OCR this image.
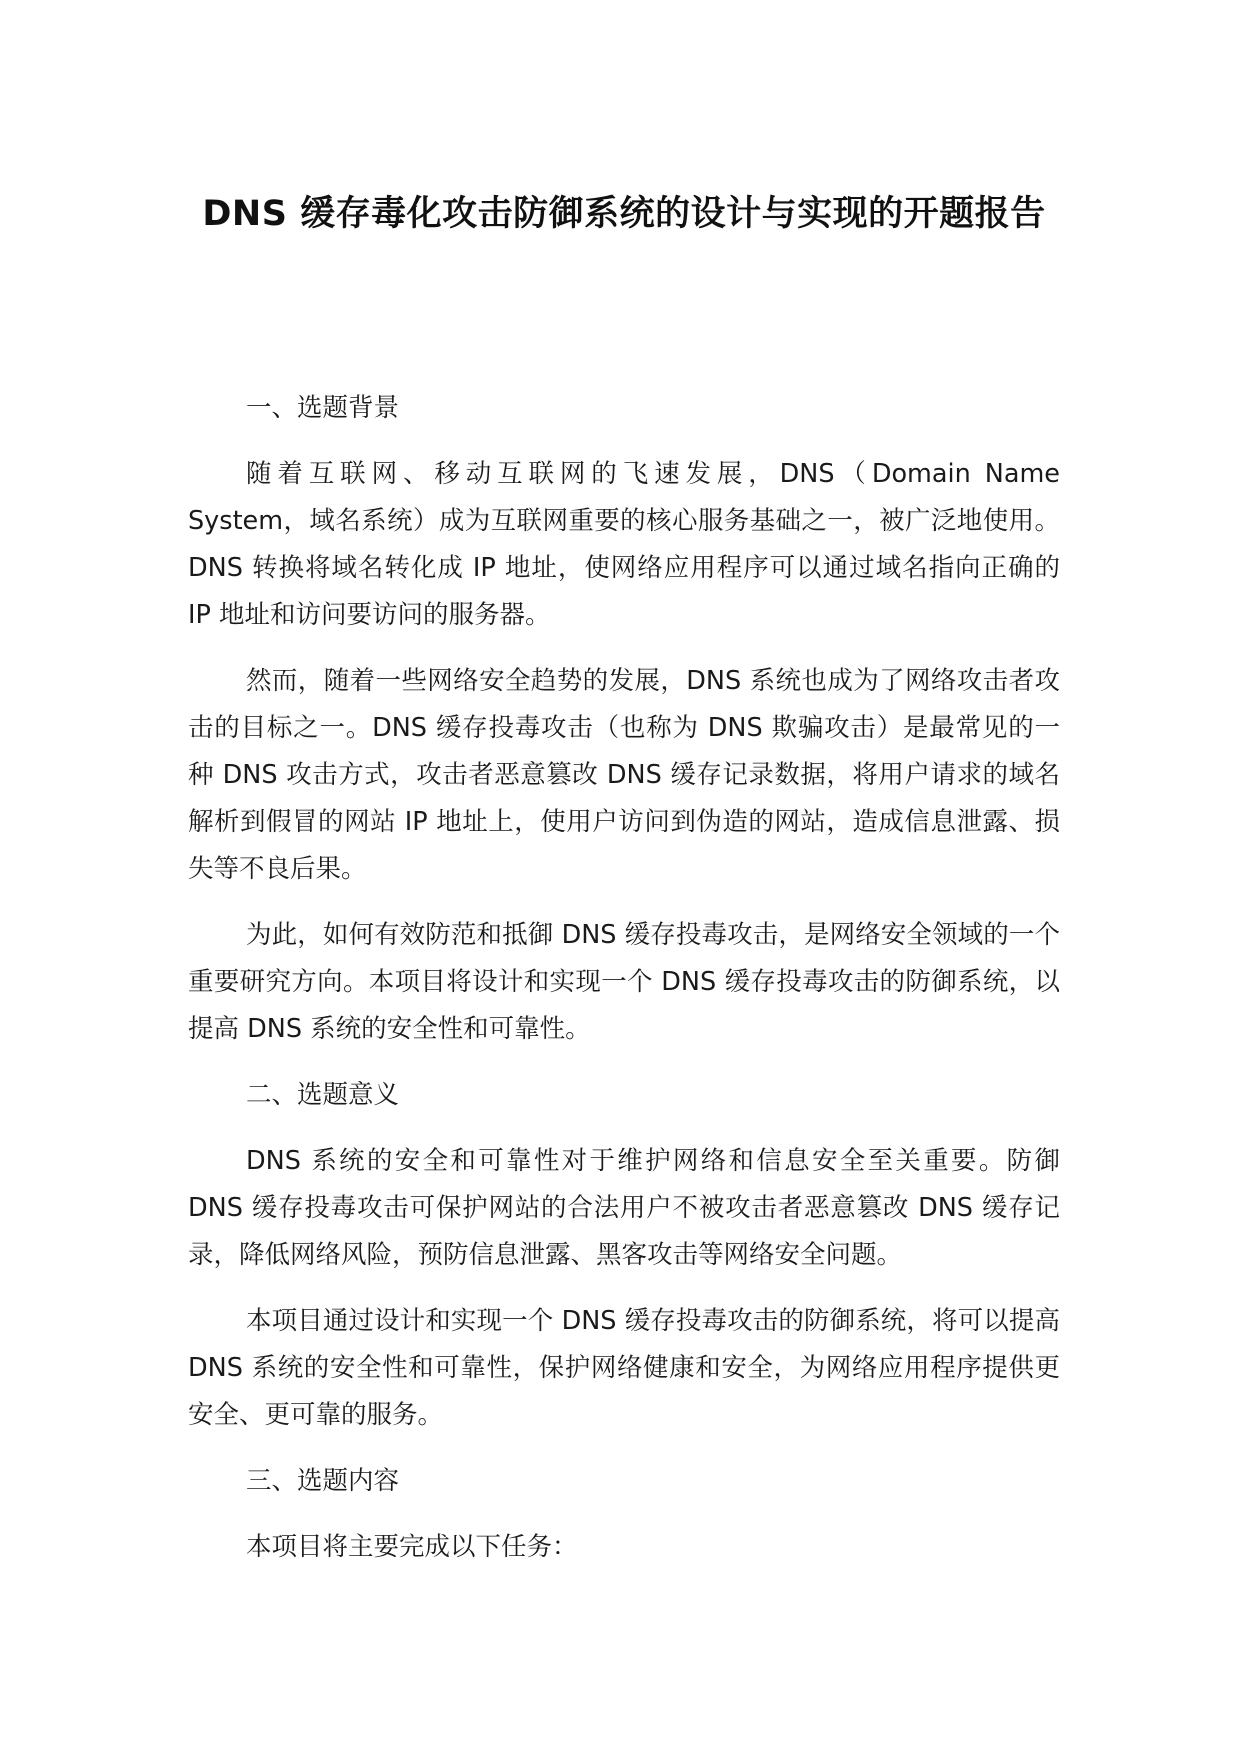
DNS 缓存毒化攻击防御系统的设计与实现的开题报告
一、选题背景

随着互联网、移动互联网的飞速发展，DNS（Domain Name System，域名系统）成为互联网重要的核心服务基础之一，被广泛地使用。DNS 转换将域名转化成 IP 地址，使网络应用程序可以通过域名指向正确的 IP 地址和访问要访问的服务器。

然而，随着一些网络安全趋势的发展，DNS 系统也成为了网络攻击者攻击的目标之一。DNS 缓存投毒攻击（也称为 DNS 欺骗攻击）是最常见的一种 DNS 攻击方式，攻击者恶意篡改 DNS 缓存记录数据，将用户请求的域名解析到假冒的网站 IP 地址上，使用户访问到伪造的网站，造成信息泄露、损失等不良后果。

为此，如何有效防范和抵御 DNS 缓存投毒攻击，是网络安全领域的一个重要研究方向。本项目将设计和实现一个 DNS 缓存投毒攻击的防御系统，以提高 DNS 系统的安全性和可靠性。

二、选题意义

DNS 系统的安全和可靠性对于维护网络和信息安全至关重要。防御 DNS 缓存投毒攻击可保护网站的合法用户不被攻击者恶意篡改 DNS 缓存记录，降低网络风险，预防信息泄露、黑客攻击等网络安全问题。

本项目通过设计和实现一个 DNS 缓存投毒攻击的防御系统，将可以提高 DNS 系统的安全性和可靠性，保护网络健康和安全，为网络应用程序提供更安全、更可靠的服务。

三、选题内容

本项目将主要完成以下任务：
